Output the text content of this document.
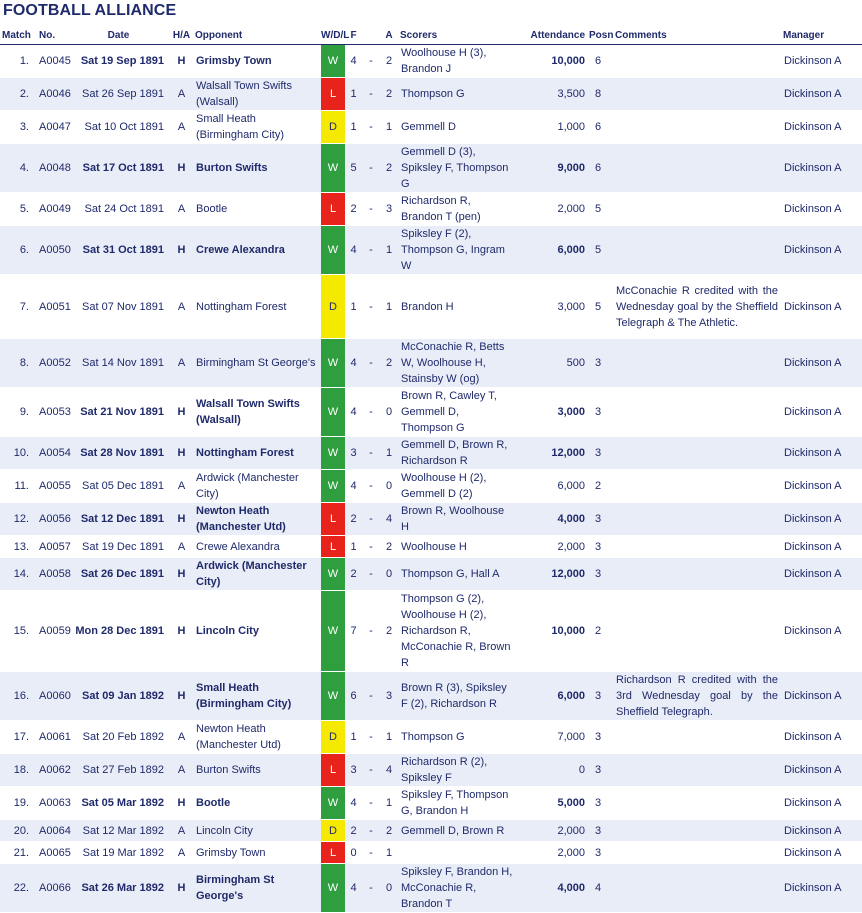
FOOTBALL ALLIANCE
Match	No.	Date	H/A	Opponent	W/D/L	F		A	Scorers	Attendance	Posn	Comments	Manager
1.	A0045	Sat 19 Sep 1891	H	Grimsby Town	W	4	-	2	Woolhouse H (3), Brandon J	10,000	6		Dickinson A
2.	A0046	Sat 26 Sep 1891	A	Walsall Town Swifts (Walsall)	L	1	-	2	Thompson G	3,500	8		Dickinson A
3.	A0047	Sat 10 Oct 1891	A	Small Heath (Birmingham City)	D	1	-	1	Gemmell D	1,000	6		Dickinson A
4.	A0048	Sat 17 Oct 1891	H	Burton Swifts	W	5	-	2	Gemmell D (3), Spiksley F, Thompson G	9,000	6		Dickinson A
5.	A0049	Sat 24 Oct 1891	A	Bootle	L	2	-	3	Richardson R, Brandon T (pen)	2,000	5		Dickinson A
6.	A0050	Sat 31 Oct 1891	H	Crewe Alexandra	W	4	-	1	Spiksley F (2), Thompson G, Ingram W	6,000	5		Dickinson A
7.	A0051	Sat 07 Nov 1891	A	Nottingham Forest	D	1	-	1	Brandon H	3,000	5	McConachie R credited with the Wednesday goal by the Sheffield Telegraph & The Athletic.	Dickinson A
8.	A0052	Sat 14 Nov 1891	A	Birmingham St George's	W	4	-	2	McConachie R, Betts W, Woolhouse H, Stainsby W (og)	500	3		Dickinson A
9.	A0053	Sat 21 Nov 1891	H	Walsall Town Swifts (Walsall)	W	4	-	0	Brown R, Cawley T, Gemmell D, Thompson G	3,000	3		Dickinson A
10.	A0054	Sat 28 Nov 1891	H	Nottingham Forest	W	3	-	1	Gemmell D, Brown R, Richardson R	12,000	3		Dickinson A
11.	A0055	Sat 05 Dec 1891	A	Ardwick (Manchester City)	W	4	-	0	Woolhouse H (2), Gemmell D (2)	6,000	2		Dickinson A
12.	A0056	Sat 12 Dec 1891	H	Newton Heath (Manchester Utd)	L	2	-	4	Brown R, Woolhouse H	4,000	3		Dickinson A
13.	A0057	Sat 19 Dec 1891	A	Crewe Alexandra	L	1	-	2	Woolhouse H	2,000	3		Dickinson A
14.	A0058	Sat 26 Dec 1891	H	Ardwick (Manchester City)	W	2	-	0	Thompson G, Hall A	12,000	3		Dickinson A
15.	A0059	Mon 28 Dec 1891	H	Lincoln City	W	7	-	2	Thompson G (2), Woolhouse H (2), Richardson R, McConachie R, Brown R	10,000	2		Dickinson A
16.	A0060	Sat 09 Jan 1892	H	Small Heath (Birmingham City)	W	6	-	3	Brown R (3), Spiksley F (2), Richardson R	6,000	3	Richardson R credited with the 3rd Wednesday goal by the Sheffield Telegraph.	Dickinson A
17.	A0061	Sat 20 Feb 1892	A	Newton Heath (Manchester Utd)	D	1	-	1	Thompson G	7,000	3		Dickinson A
18.	A0062	Sat 27 Feb 1892	A	Burton Swifts	L	3	-	4	Richardson R (2), Spiksley F	0	3		Dickinson A
19.	A0063	Sat 05 Mar 1892	H	Bootle	W	4	-	1	Spiksley F, Thompson G, Brandon H	5,000	3		Dickinson A
20.	A0064	Sat 12 Mar 1892	A	Lincoln City	D	2	-	2	Gemmell D, Brown R	2,000	3		Dickinson A
21.	A0065	Sat 19 Mar 1892	A	Grimsby Town	L	0	-	1		2,000	3		Dickinson A
22.	A0066	Sat 26 Mar 1892	H	Birmingham St George's	W	4	-	0	Spiksley F, Brandon H, McConachie R, Brandon T	4,000	4		Dickinson A
